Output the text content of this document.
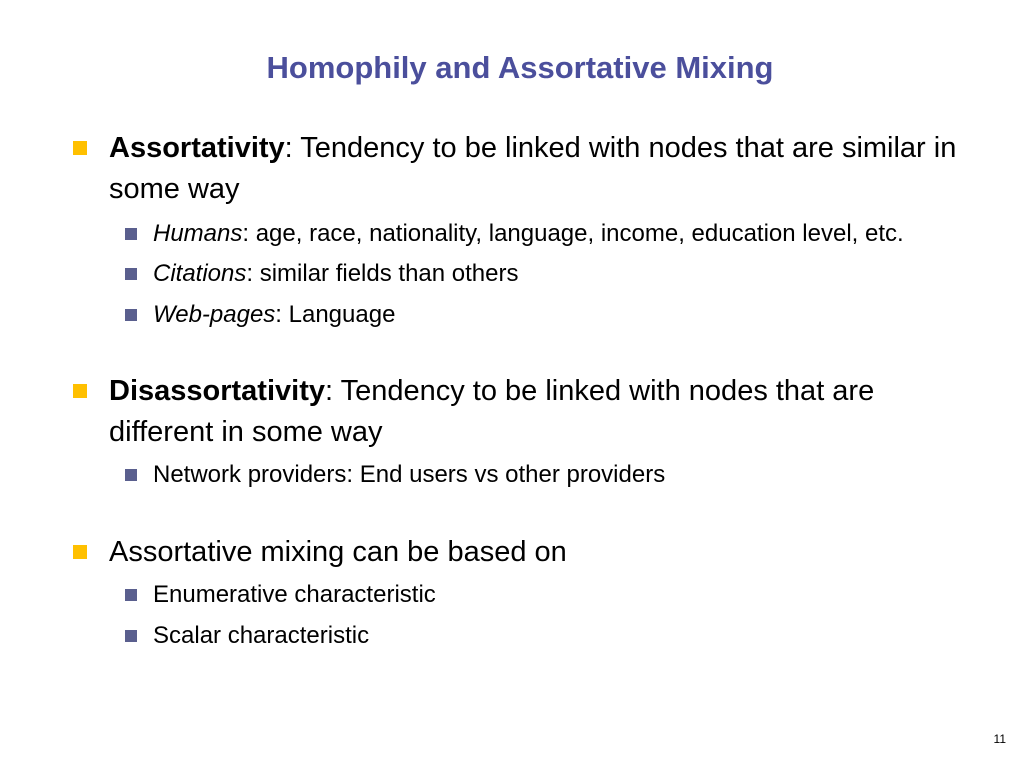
Homophily and Assortative Mixing
Assortativity: Tendency to be linked with nodes that are similar in some way
Humans: age, race, nationality, language, income, education level, etc.
Citations: similar fields than others
Web-pages: Language
Disassortativity: Tendency to be linked with nodes that are different in some way
Network providers: End users vs other providers
Assortative mixing can be based on
Enumerative characteristic
Scalar characteristic
11
